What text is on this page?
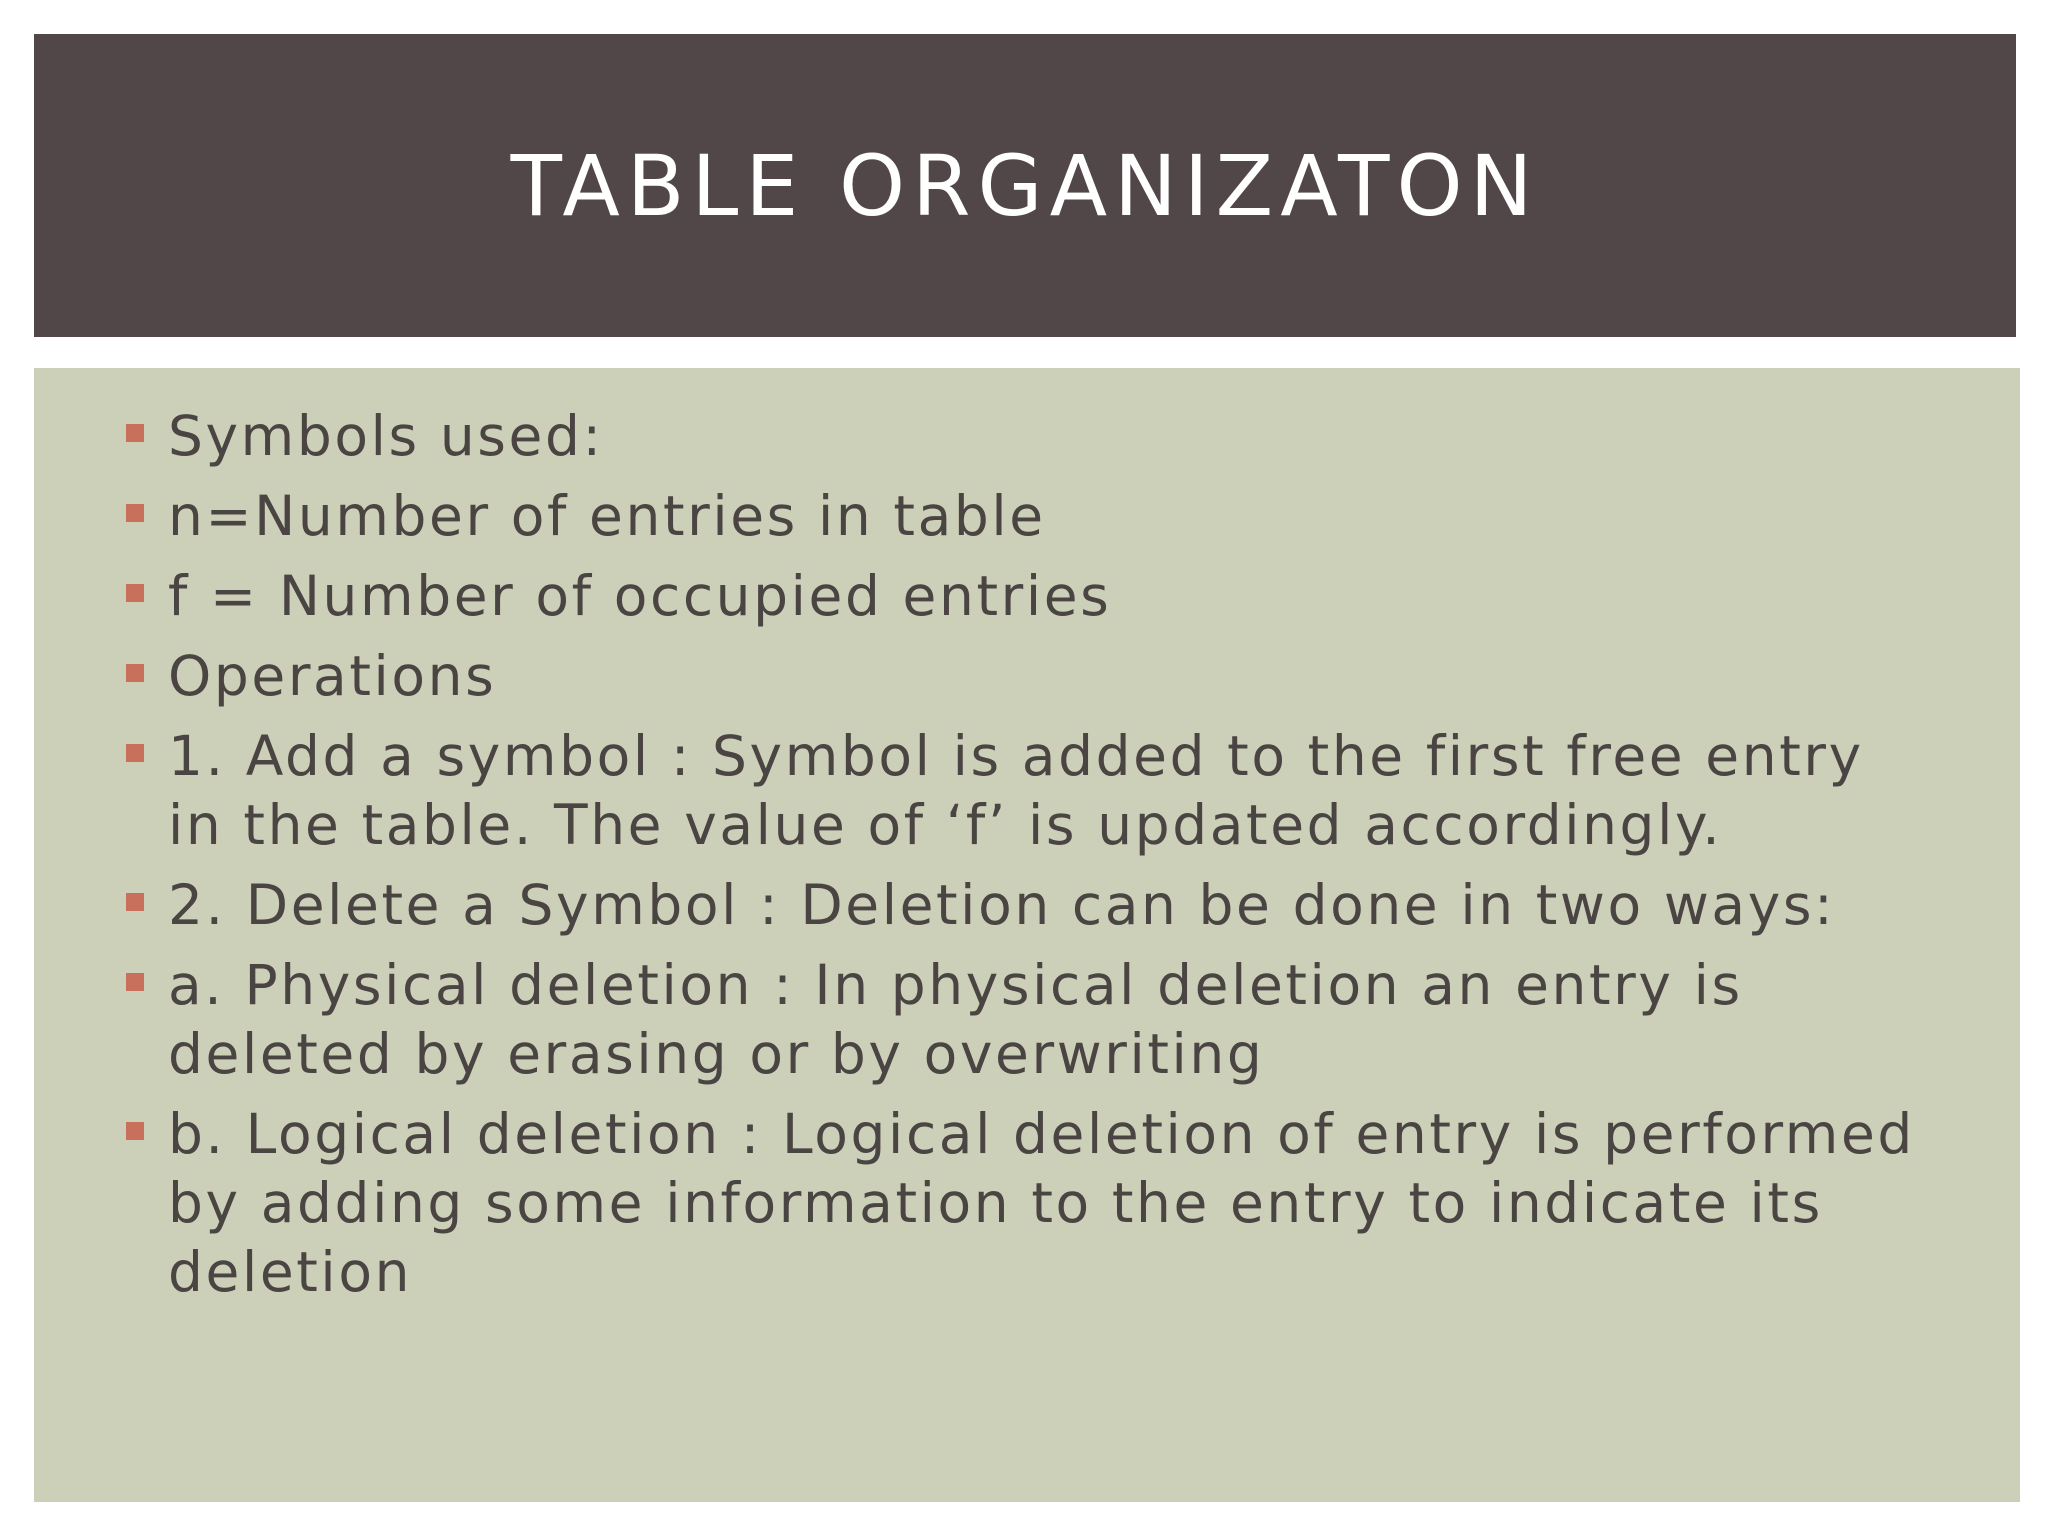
TABLE ORGANIZATON
Symbols used:
n=Number of entries in table
f = Number of occupied entries
Operations
1. Add a symbol : Symbol is added to the first free entry in the table. The value of ‘f’ is updated accordingly.
2. Delete a Symbol : Deletion can be done in two ways:
a. Physical deletion : In physical deletion an entry is deleted by erasing or by overwriting
b. Logical deletion : Logical deletion of entry is performed by adding some information to the entry to indicate its deletion
